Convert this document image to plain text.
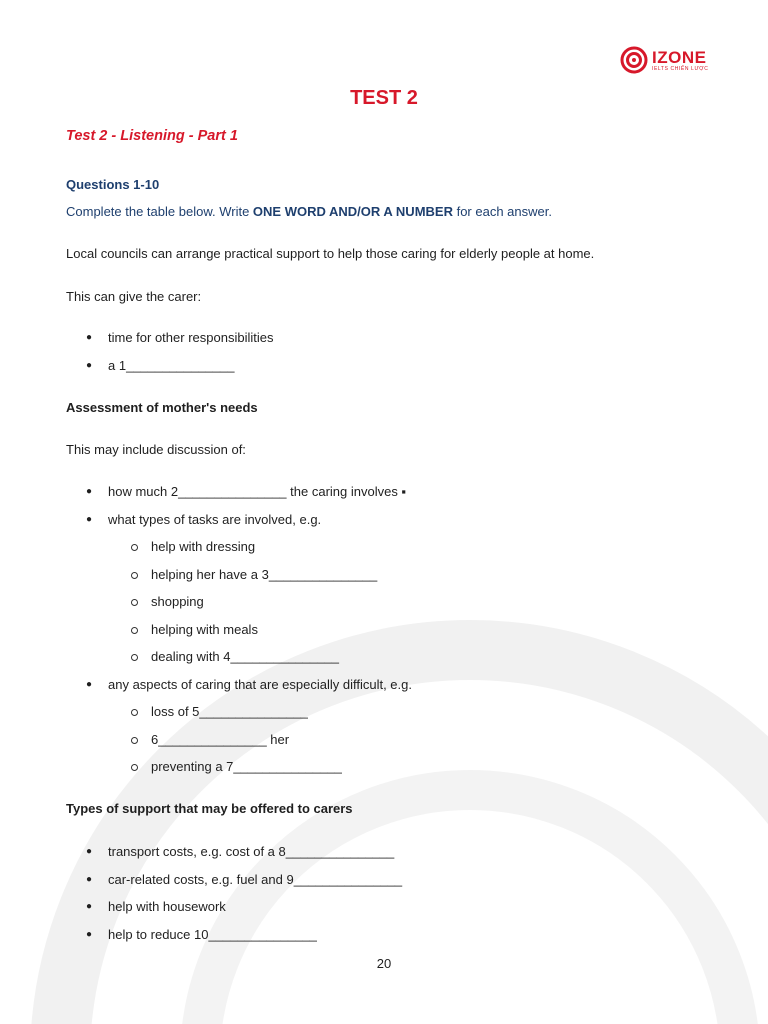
IZONE
IELTS CHIẾN LƯỢC
TEST 2
Test 2 - Listening - Part 1
Questions 1-10
Complete the table below. Write ONE WORD AND/OR A NUMBER for each answer.
Local councils can arrange practical support to help those caring for elderly people at home.
This can give the carer:
● time for other responsibilities
● a 1_______________
Assessment of mother's needs
This may include discussion of:
● how much 2_______________ the caring involves ▪
● what types of tasks are involved, e.g.
help with dressing
helping her have a 3_______________
shopping
helping with meals
dealing with 4_______________
● any aspects of caring that are especially difficult, e.g.
loss of 5_______________
6_______________ her
preventing a 7_______________
Types of support that may be offered to carers
● transport costs, e.g. cost of a 8_______________
● car-related costs, e.g. fuel and 9_______________
● help with housework
● help to reduce 10_______________
20
